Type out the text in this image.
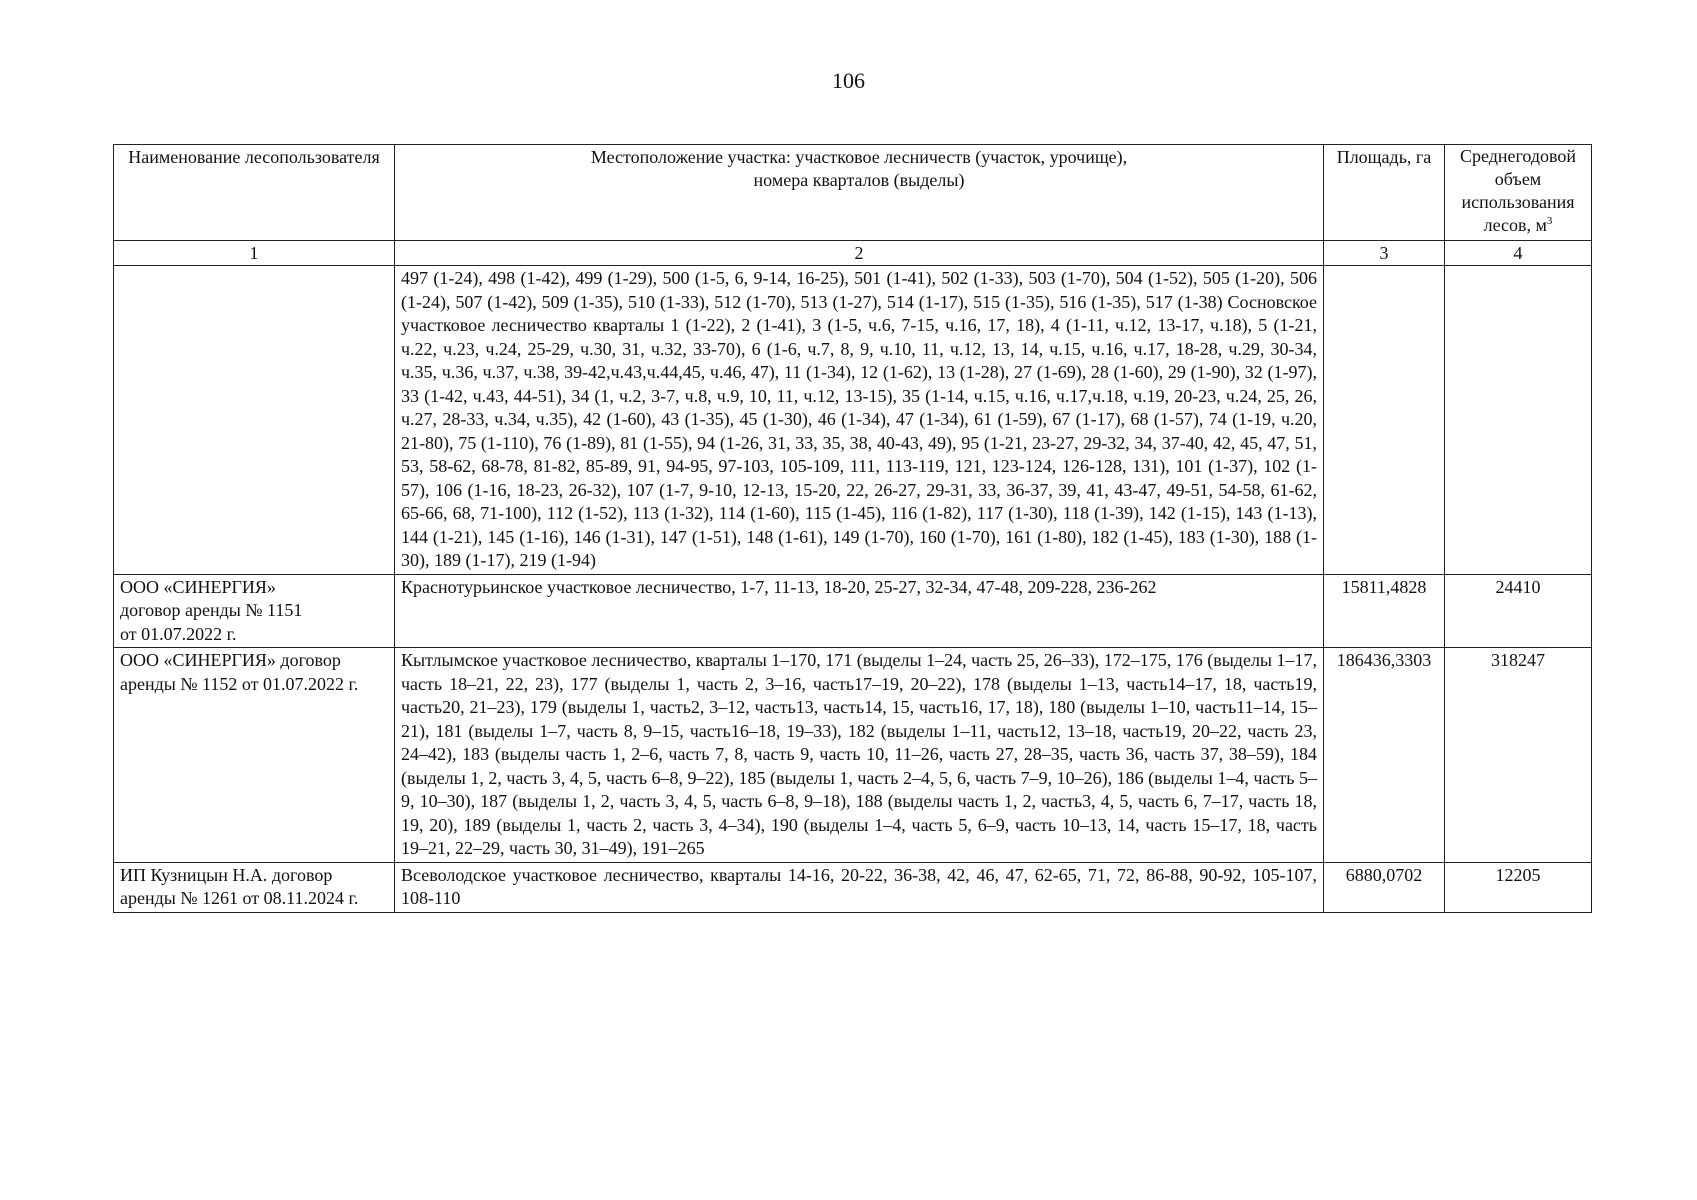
106
Наименование лесопользователя	Местоположение участка: участковое лесничеств (участок, урочище),
номера кварталов (выделы)	Площадь, га	Среднегодовой объем использования лесов, $м^3$
1	2	3	4
	497 (1-24), 498 (1-42), 499 (1-29), 500 (1-5, 6, 9-14, 16-25), 501 (1-41), 502 (1-33), 503 (1-70), 504 (1-52), 505 (1-20), 506 (1-24), 507 (1-42), 509 (1-35), 510 (1-33), 512 (1-70), 513 (1-27), 514 (1-17), 515 (1-35), 516 (1-35), 517 (1-38) Сосновское участковое лесничество кварталы 1 (1-22), 2 (1-41), 3 (1-5, ч.6, 7-15, ч.16, 17, 18), 4 (1-11, ч.12, 13-17, ч.18), 5 (1-21, ч.22, ч.23, ч.24, 25-29, ч.30, 31, ч.32, 33-70), 6 (1-6, ч.7, 8, 9, ч.10, 11, ч.12, 13, 14, ч.15, ч.16, ч.17, 18-28, ч.29, 30-34, ч.35, ч.36, ч.37, ч.38, 39-42,ч.43,ч.44,45, ч.46, 47), 11 (1-34), 12 (1-62), 13 (1-28), 27 (1-69), 28 (1-60), 29 (1-90), 32 (1-97), 33 (1-42, ч.43, 44-51), 34 (1, ч.2, 3-7, ч.8, ч.9, 10, 11, ч.12, 13-15), 35 (1-14, ч.15, ч.16, ч.17,ч.18, ч.19, 20-23, ч.24, 25, 26, ч.27, 28-33, ч.34, ч.35), 42 (1-60), 43 (1-35), 45 (1-30), 46 (1-34), 47 (1-34), 61 (1-59), 67 (1-17), 68 (1-57), 74 (1-19, ч.20, 21-80), 75 (1-110), 76 (1-89), 81 (1-55), 94 (1-26, 31, 33, 35, 38, 40-43, 49), 95 (1-21, 23-27, 29-32, 34, 37-40, 42, 45, 47, 51, 53, 58-62, 68-78, 81-82, 85-89, 91, 94-95, 97-103, 105-109, 111, 113-119, 121, 123-124, 126-128, 131), 101 (1-37), 102 (1-57), 106 (1-16, 18-23, 26-32), 107 (1-7, 9-10, 12-13, 15-20, 22, 26-27, 29-31, 33, 36-37, 39, 41, 43-47, 49-51, 54-58, 61-62, 65-66, 68, 71-100), 112 (1-52), 113 (1-32), 114 (1-60), 115 (1-45), 116 (1-82), 117 (1-30), 118 (1-39), 142 (1-15), 143 (1-13), 144 (1-21), 145 (1-16), 146 (1-31), 147 (1-51), 148 (1-61), 149 (1-70), 160 (1-70), 161 (1-80), 182 (1-45), 183 (1-30), 188 (1-30), 189 (1-17), 219 (1-94)		
ООО «СИНЕРГИЯ»
договор аренды № 1151
от 01.07.2022 г.	Краснотурьинское участковое лесничество, 1-7, 11-13, 18-20, 25-27, 32-34, 47-48, 209-228, 236-262	15811,4828	24410
ООО «СИНЕРГИЯ» договор аренды № 1152 от 01.07.2022 г.	Кытлымское участковое лесничество, кварталы 1–170, 171 (выделы 1–24, часть 25, 26–33), 172–175, 176 (выделы 1–17, часть 18–21, 22, 23), 177 (выделы 1, часть 2, 3–16, часть17–19, 20–22), 178 (выделы 1–13, часть14–17, 18, часть19, часть20, 21–23), 179 (выделы 1, часть2, 3–12, часть13, часть14, 15, часть16, 17, 18), 180 (выделы 1–10, часть11–14, 15–21), 181 (выделы 1–7, часть 8, 9–15, часть16–18, 19–33), 182 (выделы 1–11, часть12, 13–18, часть19, 20–22, часть 23, 24–42), 183 (выделы часть 1, 2–6, часть 7, 8, часть 9, часть 10, 11–26, часть 27, 28–35, часть 36, часть 37, 38–59), 184 (выделы 1, 2, часть 3, 4, 5, часть 6–8, 9–22), 185 (выделы 1, часть 2–4, 5, 6, часть 7–9, 10–26), 186 (выделы 1–4, часть 5–9, 10–30), 187 (выделы 1, 2, часть 3, 4, 5, часть 6–8, 9–18), 188 (выделы часть 1, 2, часть3, 4, 5, часть 6, 7–17, часть 18, 19, 20), 189 (выделы 1, часть 2, часть 3, 4–34), 190 (выделы 1–4, часть 5, 6–9, часть 10–13, 14, часть 15–17, 18, часть 19–21, 22–29, часть 30, 31–49), 191–265	186436,3303	318247
ИП Кузницын Н.А. договор аренды № 1261 от 08.11.2024 г.	Всеволодское участковое лесничество, кварталы 14-16, 20-22, 36-38, 42, 46, 47, 62-65, 71, 72, 86-88, 90-92, 105-107, 108-110	6880,0702	12205
